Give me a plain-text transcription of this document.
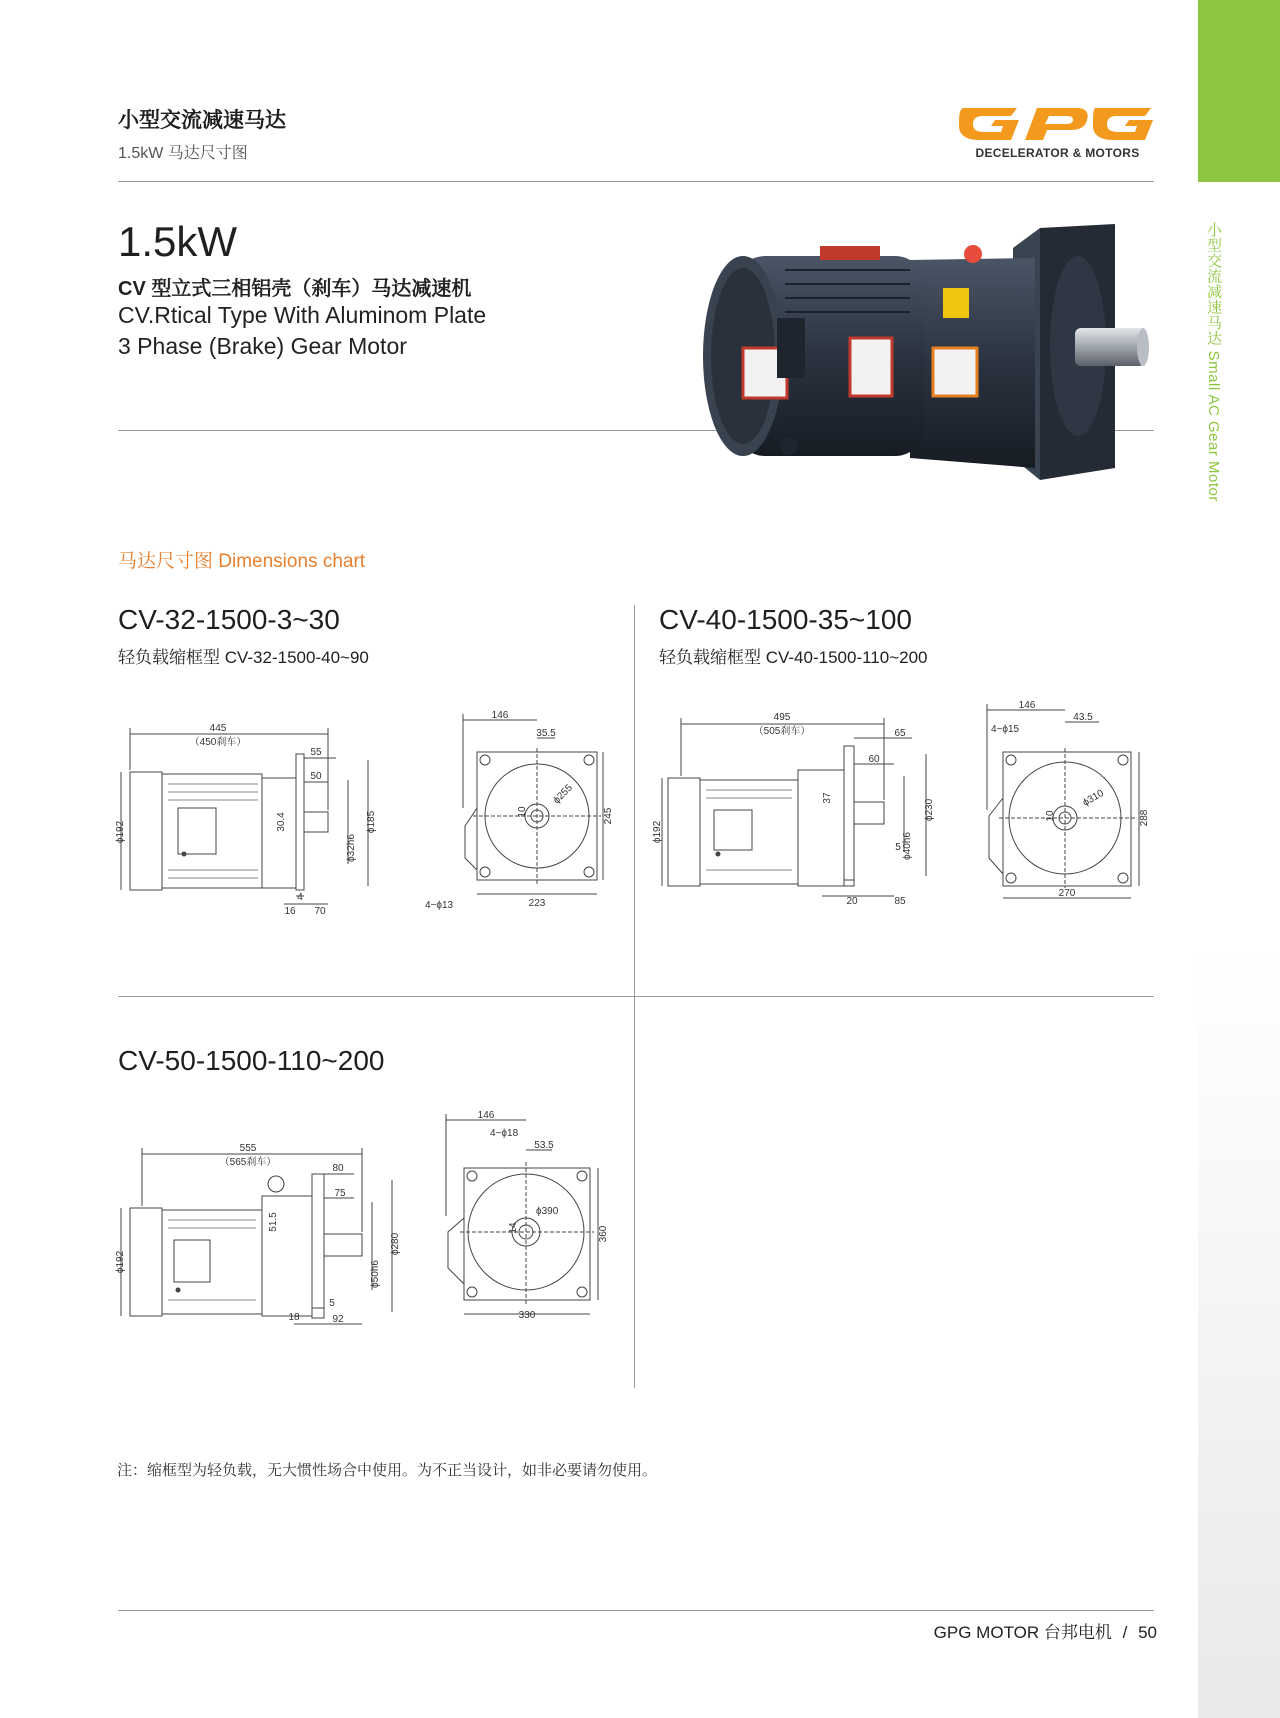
小型交流减速马达 Small AC Gear Motor
小型交流减速马达
1.5kW 马达尺寸图	DECELERATOR & MOTORS
1.5kW
CV 型立式三相铝壳（刹车）马达减速机
CV.Rtical Type With Aluminom Plate
3 Phase (Brake) Gear Motor
马达尺寸图 Dimensions chart
CV-32-1500-3~30
轻负载缩框型 CV-32-1500-40~90
CV-40-1500-35~100
轻负载缩框型 CV-40-1500-110~200
CV-50-1500-110~200
445
（450刹车）
55
50
ϕ192	30.4
ϕ32h6
ϕ185
4
16 70
146
35.5
ϕ255
10	245
4−ϕ13	223
495
（505刹车）	65
60
ϕ192
37
ϕ40h6
ϕ230
5
20	85
146
43.5
ϕ310
10	288
4−ϕ15
270
555
（565刹车）
80
75
ϕ192
51.5
ϕ50h6
ϕ280
5
18	92
146
4−ϕ18
53.5
ϕ390
14	360
330
注：缩框型为轻负载，无大惯性场合中使用。为不正当设计，如非必要请勿使用。
GPG MOTOR 台邦电机 / 50
